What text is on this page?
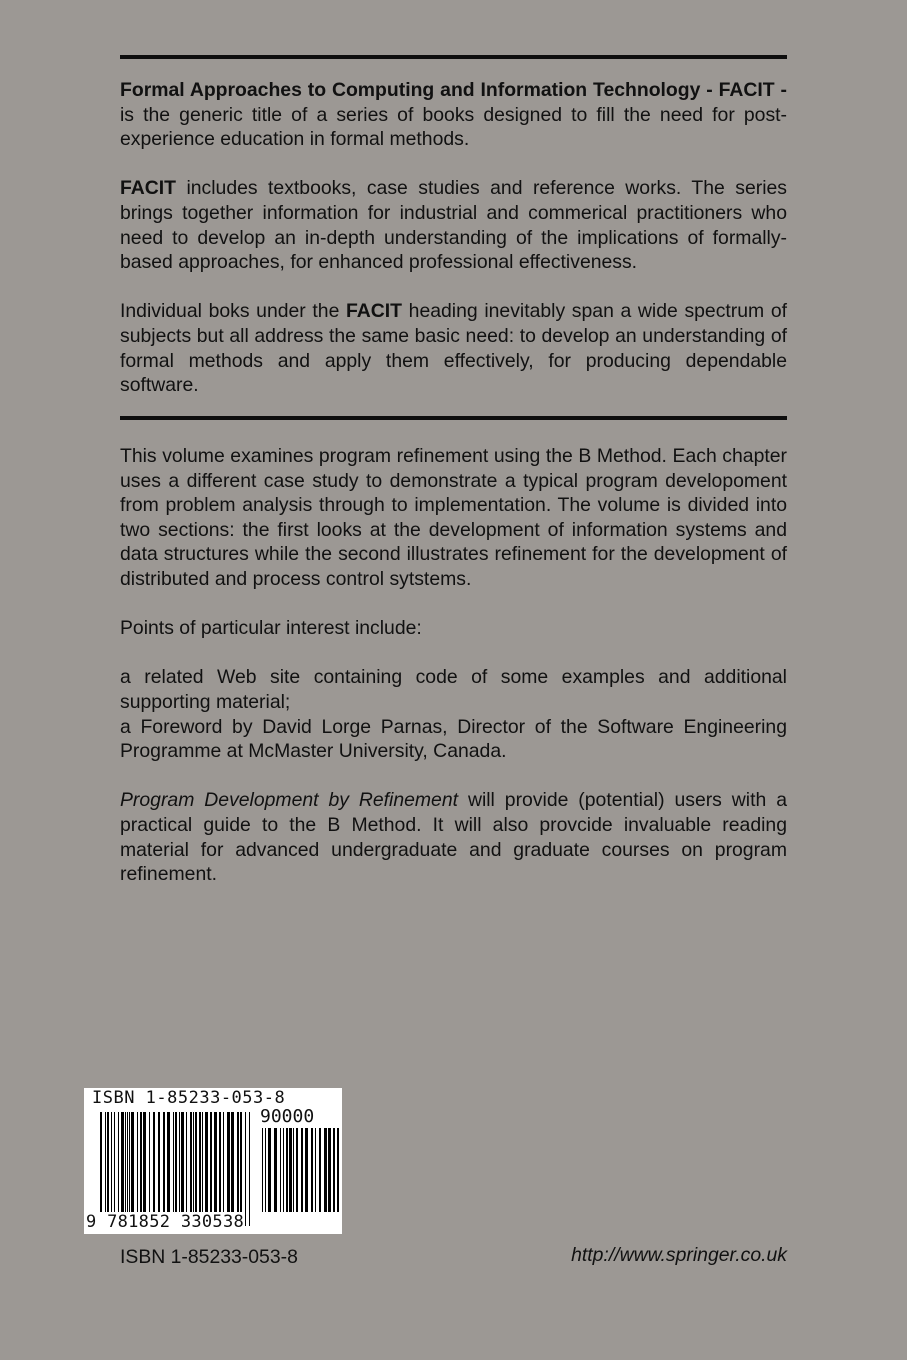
Formal Approaches to Computing and Information Technology - FACIT - is the generic title of a series of books designed to fill the need for post-experience education in formal methods.

FACIT includes textbooks, case studies and reference works. The series brings together information for industrial and commerical practitioners who need to develop an in-depth understanding of the implications of formally-based approaches, for enhanced professional effectiveness.

Individual boks under the FACIT heading inevitably span a wide spectrum of subjects but all address the same basic need: to develop an understanding of formal methods and apply them effectively, for producing dependable software.

This volume examines program refinement using the B Method. Each chapter uses a different case study to demonstrate a typical program developoment from problem analysis through to implementation. The volume is divided into two sections: the first looks at the development of information systems and data structures while the second illustrates refinement for the development of distributed and process control sytstems.

Points of particular interest include:

a related Web site containing code of some examples and additional supporting material;

a Foreword by David Lorge Parnas, Director of the Software Engineering Programme at McMaster University, Canada.

Program Development by Refinement will provide (potential) users with a practical guide to the B Method. It will also provcide invaluable reading material for advanced undergraduate and graduate courses on program refinement.

ISBN 1-85233-053-8
90000
9 781852 330538
ISBN 1-85233-053-8	http://www.springer.co.uk
